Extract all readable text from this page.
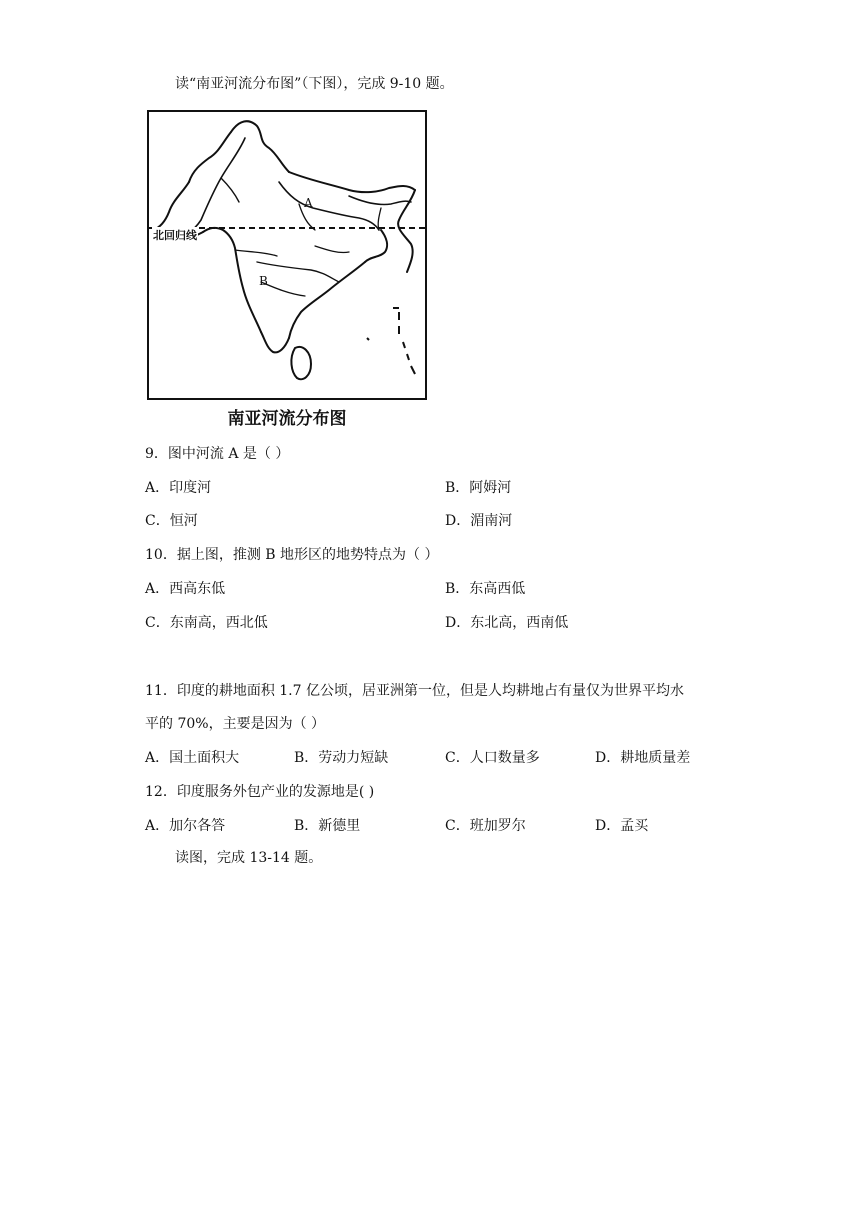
读“南亚河流分布图”（下图），完成 9-10 题。
北回归线
A
B
南亚河流分布图
9．图中河流 A 是（ ）
A．印度河	B．阿姆河
C．恒河	D．湄南河
10．据上图，推测 B 地形区的地势特点为（ ）
A．西高东低	B．东高西低
C．东南高，西北低	D．东北高，西南低
11．印度的耕地面积 1.7 亿公顷，居亚洲第一位，但是人均耕地占有量仅为世界平均水
平的 70%，主要是因为（ ）
A．国土面积大	B．劳动力短缺	C．人口数量多	D．耕地质量差
12．印度服务外包产业的发源地是( )
A．加尔各答	B．新德里	C．班加罗尔	D．孟买
读图，完成 13-14 题。
